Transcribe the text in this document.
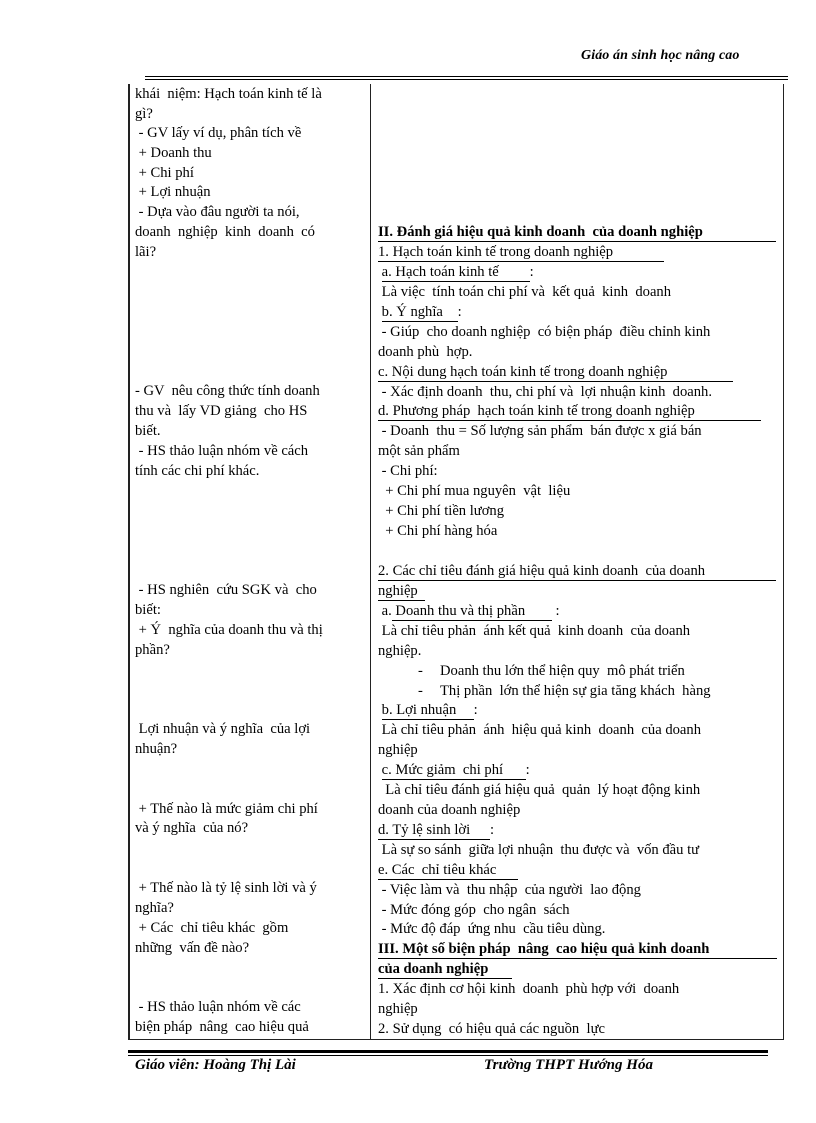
Giáo án sinh học nâng cao
khái  niệm: Hạch toán kinh tế là
gì?
- GV lấy ví dụ, phân tích về
+ Doanh thu
+ Chi phí
+ Lợi nhuận
- Dựa vào đâu người ta nói,
doanh  nghiệp  kinh  doanh  có
lãi?
- GV  nêu công thức tính doanh
thu và  lấy VD giảng  cho HS
biết.
- HS thảo luận nhóm về cách
tính các chi phí khác.
- HS nghiên  cứu SGK và  cho
biết:
+ Ý  nghĩa của doanh thu và thị
phần?
Lợi nhuận và ý nghĩa  của lợi
nhuận?
+ Thế nào là mức giảm chi phí
và ý nghĩa  của nó?
+ Thế nào là tỷ lệ sinh lời và ý
nghĩa?
+ Các  chỉ tiêu khác  gồm
những  vấn đề nào?
- HS thảo luận nhóm về các
biện pháp  nâng  cao hiệu quả
II. Đánh giá hiệu quả kinh doanh  của doanh nghiệp
1. Hạch toán kinh tế trong doanh nghiệp
a. Hạch toán kinh tế :
Là việc  tính toán chi phí và  kết quả  kinh  doanh
b. Ý nghĩa :
- Giúp  cho doanh nghiệp  có biện pháp  điều chỉnh kinh
doanh phù  hợp.
c. Nội dung hạch toán kinh tế trong doanh nghiệp
- Xác định doanh  thu, chi phí và  lợi nhuận kinh  doanh.
d. Phương pháp  hạch toán kinh tế trong doanh nghiệp
- Doanh  thu = Số lượng sản phẩm  bán được x giá bán
một sản phẩm
- Chi phí:
+ Chi phí mua nguyên  vật  liệu
+ Chi phí tiền lương
+ Chi phí hàng hóa
2. Các chỉ tiêu đánh giá hiệu quả kinh doanh  của doanh
nghiệp
a. Doanh thu và thị phần  :
Là chỉ tiêu phản  ánh kết quả  kinh doanh  của doanh
nghiệp.
- Doanh thu lớn thể hiện quy  mô phát triển
- Thị phần  lớn thể hiện sự gia tăng khách  hàng
b. Lợi nhuận :
Là chỉ tiêu phản  ánh  hiệu quả kinh  doanh  của doanh
nghiệp
c. Mức giảm  chi phí :
Là chỉ tiêu đánh giá hiệu quả  quản  lý hoạt động kinh
doanh của doanh nghiệp
d. Tỷ lệ sinh lời :
Là sự so sánh  giữa lợi nhuận  thu được và  vốn đầu tư
e. Các  chỉ tiêu khác
- Việc làm và  thu nhập  của người  lao động
- Mức đóng góp  cho ngân  sách
- Mức độ đáp  ứng nhu  cầu tiêu dùng.
III. Một số biện pháp  nâng  cao hiệu quả kinh doanh
của doanh nghiệp
1. Xác định cơ hội kinh  doanh  phù hợp với  doanh
nghiệp
2. Sử dụng  có hiệu quả các nguồn  lực
Giáo viên: Hoàng Thị Lài	Trường THPT Hướng Hóa
